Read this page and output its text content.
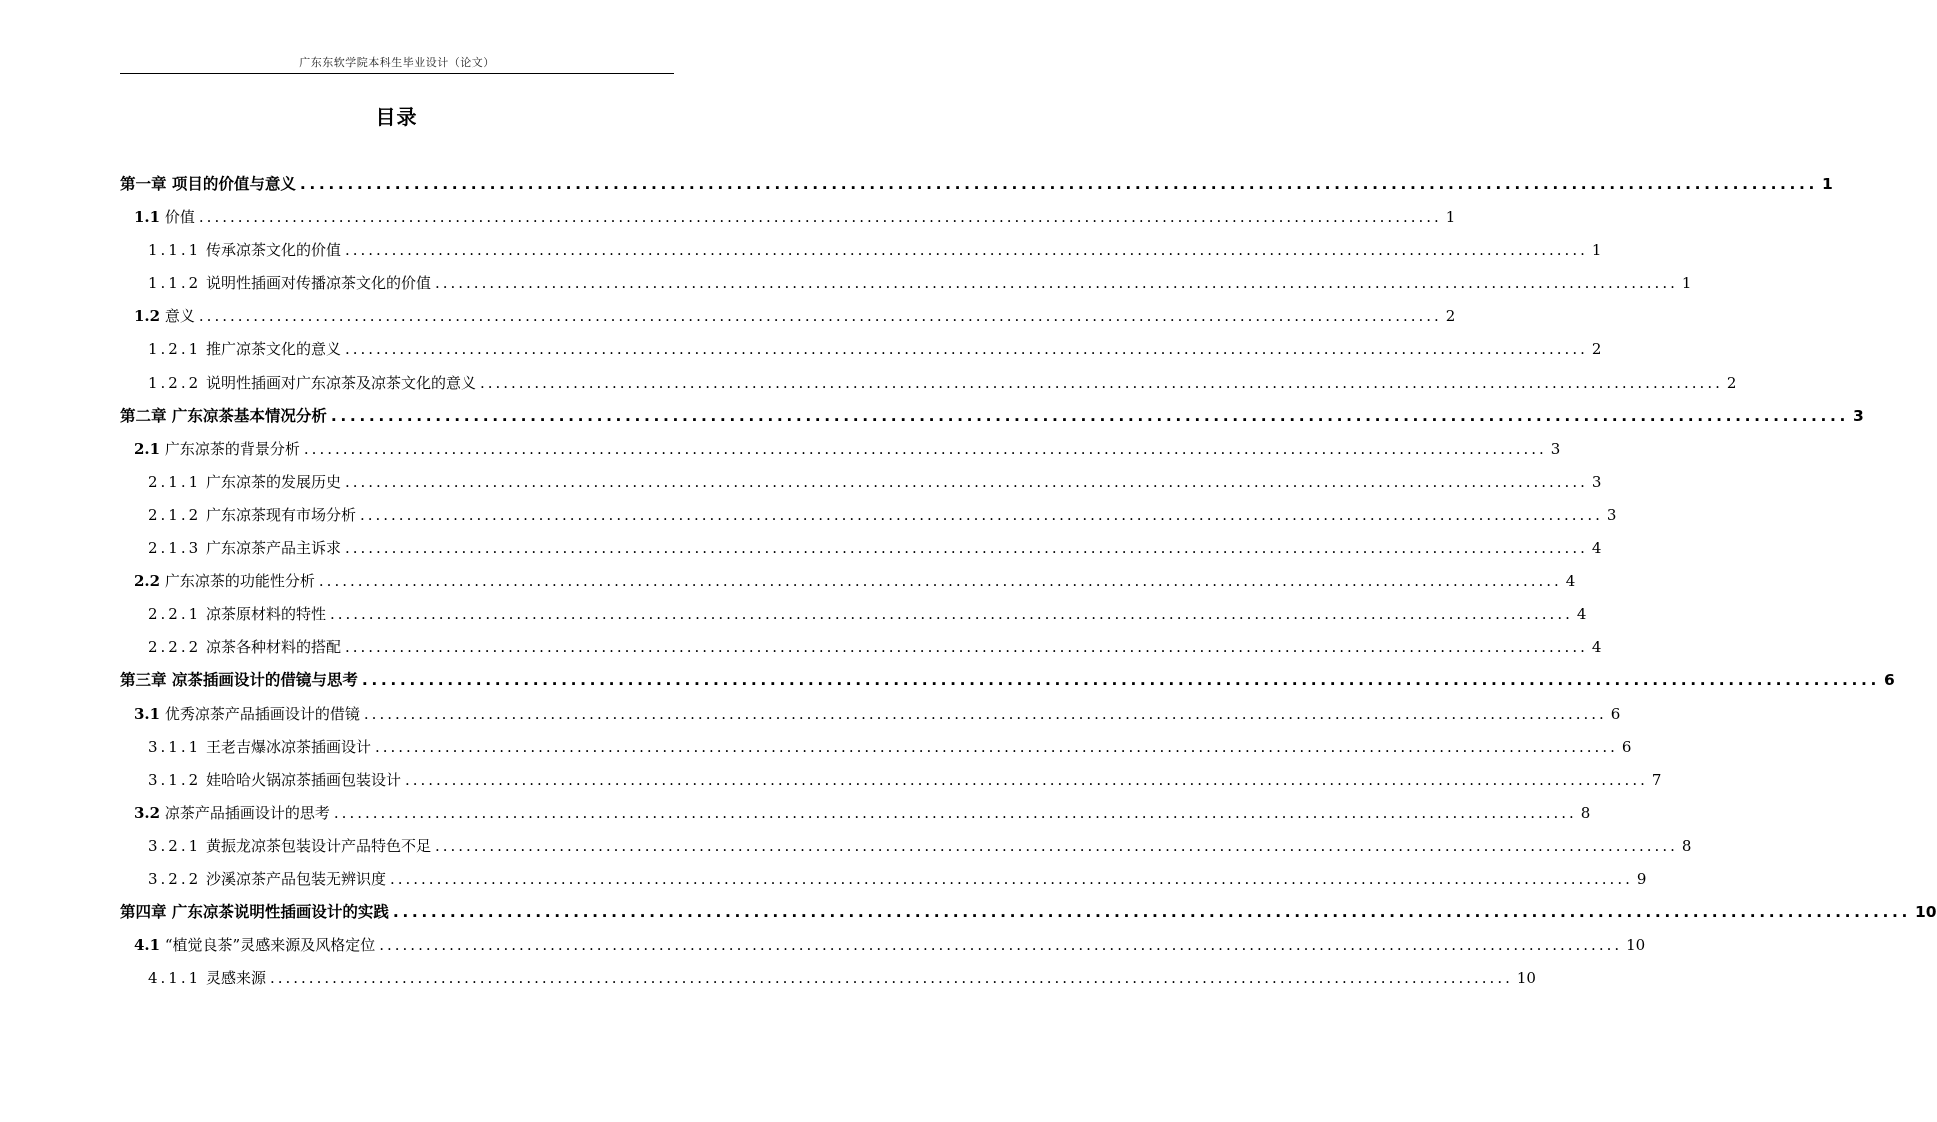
广东东软学院本科生毕业设计（论文）
目录
第一章 项目的价值与意义 ................................................................................................................................................................ 1
1.1 价值 ................................................................................................................................................................ 1
1.1.1 传承凉茶文化的价值 ................................................................................................................................................................ 1
1.1.2 说明性插画对传播凉茶文化的价值 ................................................................................................................................................................ 1
1.2 意义 ................................................................................................................................................................ 2
1.2.1 推广凉茶文化的意义 ................................................................................................................................................................ 2
1.2.2 说明性插画对广东凉茶及凉茶文化的意义 ................................................................................................................................................................ 2
第二章 广东凉茶基本情况分析 ................................................................................................................................................................ 3
2.1 广东凉茶的背景分析 ................................................................................................................................................................ 3
2.1.1 广东凉茶的发展历史 ................................................................................................................................................................ 3
2.1.2 广东凉茶现有市场分析 ................................................................................................................................................................ 3
2.1.3 广东凉茶产品主诉求 ................................................................................................................................................................ 4
2.2 广东凉茶的功能性分析 ................................................................................................................................................................ 4
2.2.1 凉茶原材料的特性 ................................................................................................................................................................ 4
2.2.2 凉茶各种材料的搭配 ................................................................................................................................................................ 4
第三章 凉茶插画设计的借镜与思考 ................................................................................................................................................................ 6
3.1 优秀凉茶产品插画设计的借镜 ................................................................................................................................................................ 6
3.1.1 王老吉爆冰凉茶插画设计 ................................................................................................................................................................ 6
3.1.2 娃哈哈火锅凉茶插画包装设计 ................................................................................................................................................................ 7
3.2 凉茶产品插画设计的思考 ................................................................................................................................................................ 8
3.2.1 黄振龙凉茶包装设计产品特色不足 ................................................................................................................................................................ 8
3.2.2 沙溪凉茶产品包装无辨识度 ................................................................................................................................................................ 9
第四章 广东凉茶说明性插画设计的实践 ................................................................................................................................................................ 10
4.1 “植觉良茶”灵感来源及风格定位 ................................................................................................................................................................ 10
4.1.1 灵感来源 ................................................................................................................................................................ 10
